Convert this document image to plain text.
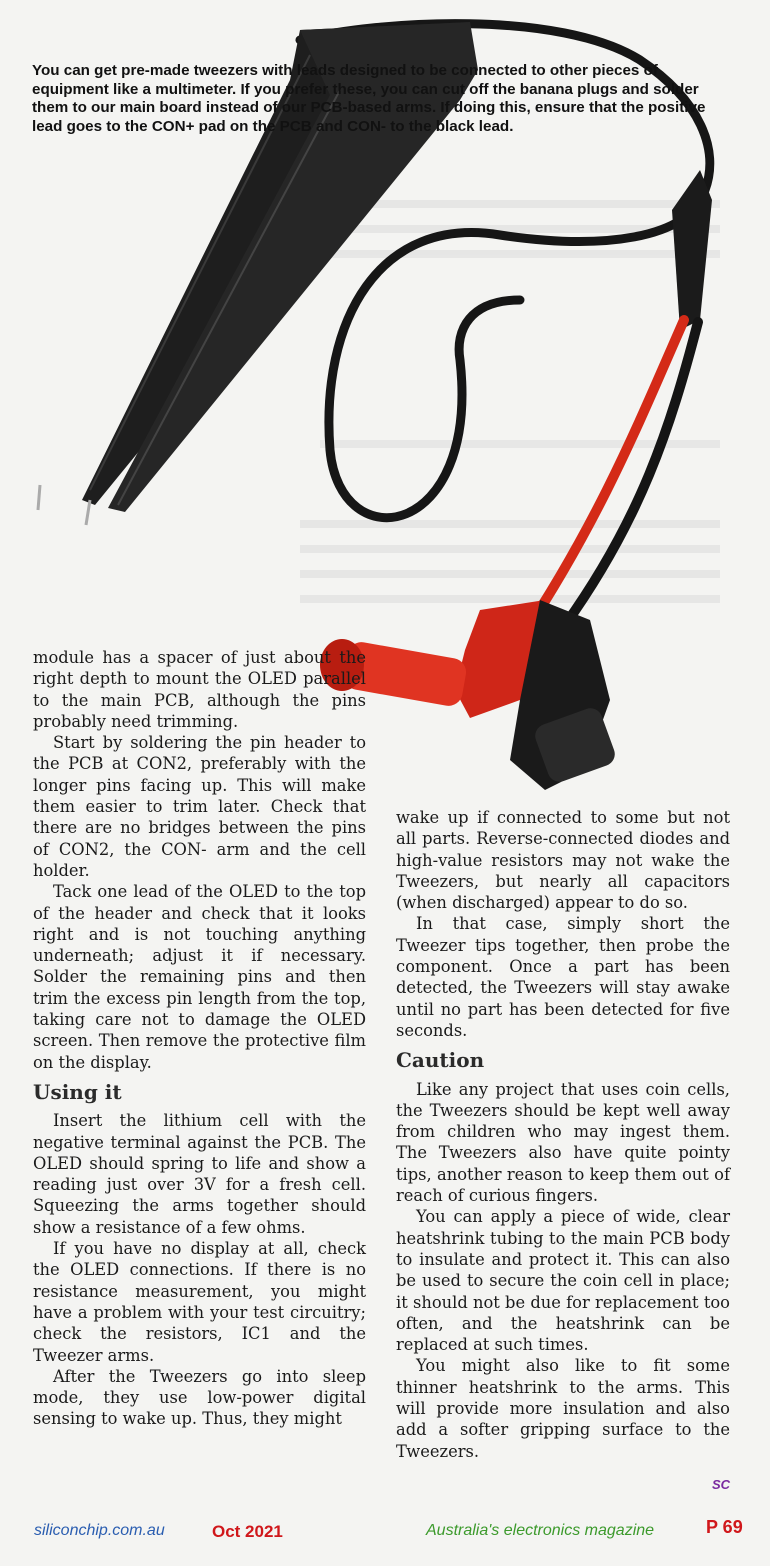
You can get pre-made tweezers with leads designed to be connected to other pieces of equipment like a multimeter. If you prefer these, you can cut off the banana plugs and solder them to our main board instead of our PCB-based arms. If doing this, ensure that the positive lead goes to the CON+ pad on the PCB and CON- to the black lead.

module has a spacer of just about the right depth to mount the OLED parallel to the main PCB, although the pins probably need trimming.

Start by soldering the pin header to the PCB at CON2, preferably with the longer pins facing up. This will make them easier to trim later. Check that there are no bridges between the pins of CON2, the CON- arm and the cell holder.

Tack one lead of the OLED to the top of the header and check that it looks right and is not touching anything underneath; adjust it if necessary. Solder the remaining pins and then trim the excess pin length from the top, taking care not to damage the OLED screen. Then remove the protective film on the display.

Using it

Insert the lithium cell with the negative terminal against the PCB. The OLED should spring to life and show a reading just over 3V for a fresh cell. Squeezing the arms together should show a resistance of a few ohms.

If you have no display at all, check the OLED connections. If there is no resistance measurement, you might have a problem with your test circuitry; check the resistors, IC1 and the Tweezer arms.

After the Tweezers go into sleep mode, they use low-power digital sensing to wake up. Thus, they might

wake up if connected to some but not all parts. Reverse-connected diodes and high-value resistors may not wake the Tweezers, but nearly all capacitors (when discharged) appear to do so.

In that case, simply short the Tweezer tips together, then probe the component. Once a part has been detected, the Tweezers will stay awake until no part has been detected for five seconds.

Caution

Like any project that uses coin cells, the Tweezers should be kept well away from children who may ingest them. The Tweezers also have quite pointy tips, another reason to keep them out of reach of curious fingers.

You can apply a piece of wide, clear heatshrink tubing to the main PCB body to insulate and protect it. This can also be used to secure the coin cell in place; it should not be due for replacement too often, and the heatshrink can be replaced at such times.

You might also like to fit some thinner heatshrink to the arms. This will provide more insulation and also add a softer gripping surface to the Tweezers.

SC
siliconchip.com.au	Oct 2021	Australia's electronics magazine	P 69
